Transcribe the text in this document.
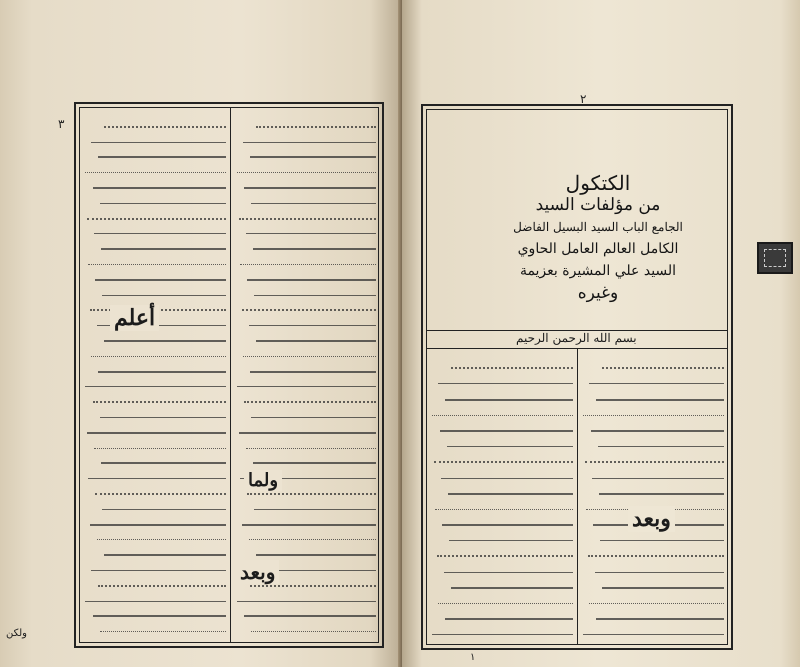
٣
أعلم
وبعد
ولما
ولكن
٢
الكتكول
من مؤلفات السيد
الجامع الباب السيد البسيل الفاضل
الكامل العالم العامل الحاوي
السيد علي المشيرة بعزيمة
وغيره
بسم الله الرحمن الرحيم
وبعد
١
